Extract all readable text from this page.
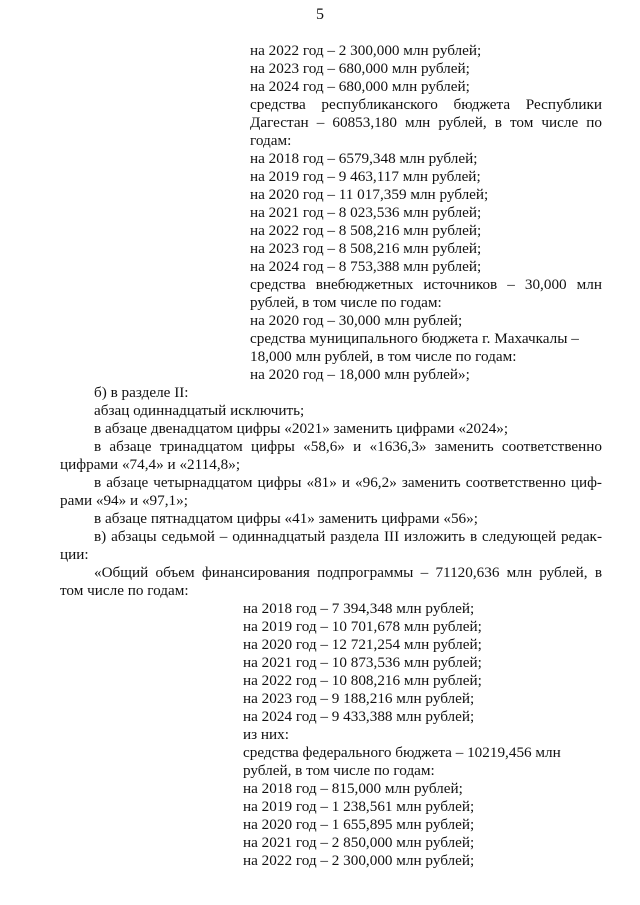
5
на 2022 год – 2 300,000 млн рублей;
на 2023 год – 680,000 млн рублей;
на 2024 год – 680,000 млн рублей;
средства республиканского бюджета Республики
Дагестан – 60853,180 млн рублей, в том числе по
годам:
на 2018 год – 6579,348 млн рублей;
на 2019 год – 9 463,117 млн рублей;
на 2020 год – 11 017,359 млн рублей;
на 2021 год – 8 023,536 млн рублей;
на 2022 год – 8 508,216 млн рублей;
на 2023 год – 8 508,216 млн рублей;
на 2024 год – 8 753,388 млн рублей;
средства внебюджетных источников – 30,000 млн
рублей, в том числе по годам:
на 2020 год – 30,000 млн рублей;
средства муниципального бюджета г. Махачкалы –
18,000 млн рублей, в том числе по годам:
на 2020 год – 18,000 млн рублей»;
б) в разделе II:
абзац одиннадцатый исключить;
в абзаце двенадцатом цифры «2021» заменить цифрами «2024»;
в абзаце тринадцатом цифры «58,6» и «1636,3» заменить соответственно
цифрами «74,4» и «2114,8»;
в абзаце четырнадцатом цифры «81» и «96,2» заменить соответственно циф-
рами «94» и «97,1»;
в абзаце пятнадцатом цифры «41» заменить цифрами «56»;
в) абзацы седьмой – одиннадцатый раздела III изложить в следующей редак-
ции:
«Общий объем финансирования подпрограммы – 71120,636 млн рублей, в
том числе по годам:
на 2018 год – 7 394,348 млн рублей;
на 2019 год – 10 701,678 млн рублей;
на 2020 год – 12 721,254 млн рублей;
на 2021 год – 10 873,536 млн рублей;
на 2022 год – 10 808,216 млн рублей;
на 2023 год – 9 188,216 млн рублей;
на 2024 год – 9 433,388 млн рублей;
из них:
средства федерального бюджета – 10219,456 млн
рублей, в том числе по годам:
на 2018 год – 815,000 млн рублей;
на 2019 год – 1 238,561 млн рублей;
на 2020 год – 1 655,895 млн рублей;
на 2021 год – 2 850,000 млн рублей;
на 2022 год – 2 300,000 млн рублей;
